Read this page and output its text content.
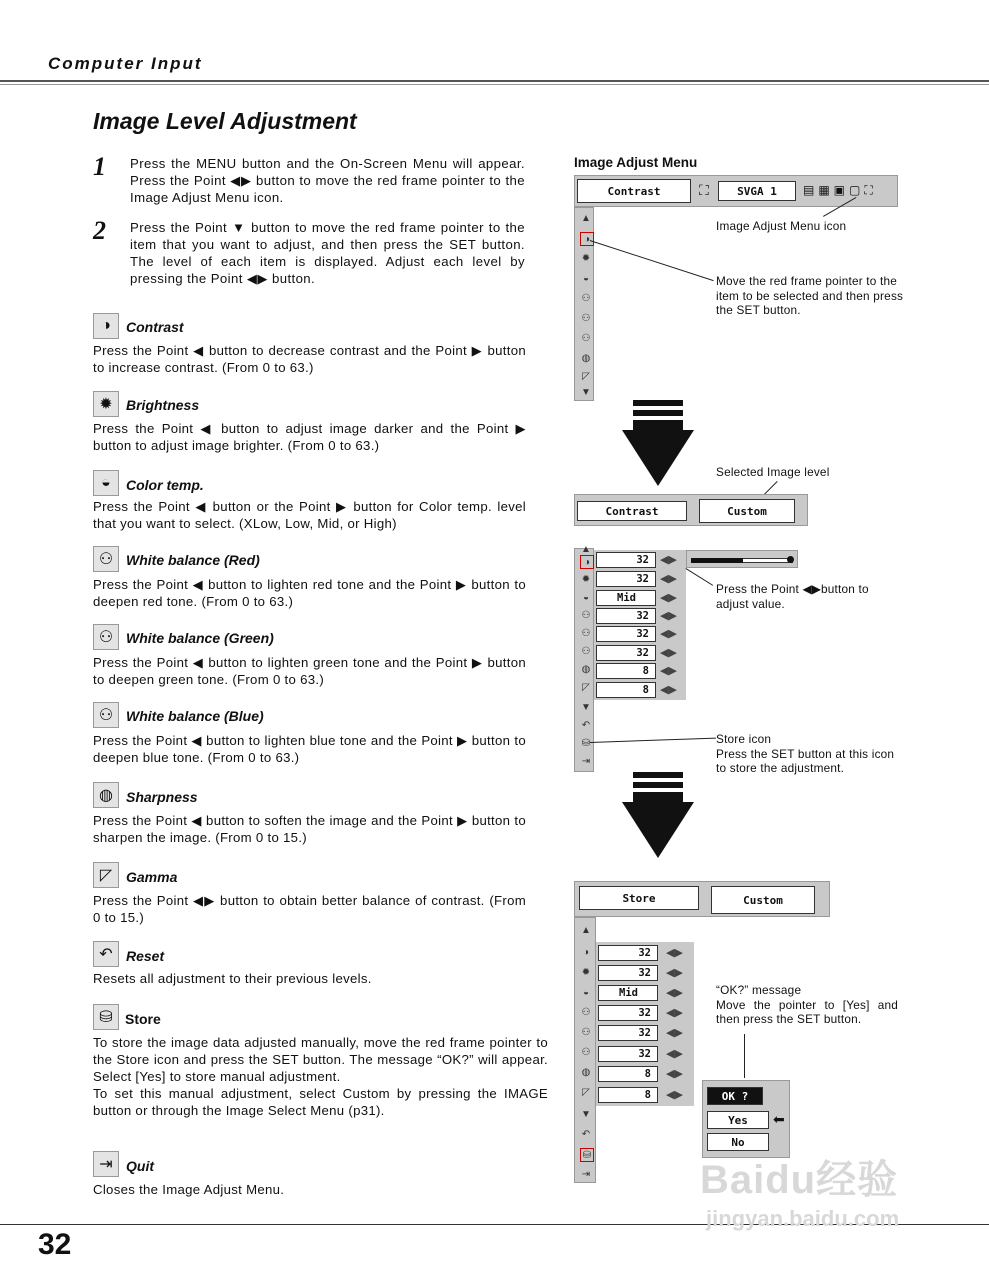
Computer Input
Image Level Adjustment
1 Press the MENU button and the On-Screen Menu will appear. Press the Point ◀▶ button to move the red frame pointer to the Image Adjust Menu icon.
2 Press the Point ▼ button to move the red frame pointer to the item that you want to adjust, and then press the SET button. The level of each item is displayed. Adjust each level by pressing the Point ◀▶ button.
◑	Contrast
Press the Point ◀ button to decrease contrast and the Point ▶ button to increase contrast. (From 0 to 63.)
✹ Brightness
Press the Point ◀ button to adjust image darker and the Point ▶ button to adjust image brighter. (From 0 to 63.)
◒	Color temp.
Press the Point ◀ button or the Point ▶ button for Color temp. level that you want to select. (XLow, Low, Mid, or High)
⚇ White balance (Red)
Press the Point ◀ button to lighten red tone and the Point ▶ button to deepen red tone. (From 0 to 63.)
⚇ White balance (Green)
Press the Point ◀ button to lighten green tone and the Point ▶ button to deepen green tone. (From 0 to 63.)
⚇ White balance (Blue)
Press the Point ◀ button to lighten blue tone and the Point ▶ button to deepen blue tone. (From 0 to 63.)
◍ Sharpness
Press the Point ◀ button to soften the image and the Point ▶ button to sharpen the image. (From 0 to 15.)
◸ Gamma
Press the Point ◀▶ button to obtain better balance of contrast. (From 0 to 15.)
↶ Reset
Resets all adjustment to their previous levels.
⛁ Store
To store the image data adjusted manually, move the red frame pointer to the Store icon and press the SET button. The message “OK?” will appear. Select [Yes] to store manual adjustment.
To set this manual adjustment, select Custom by pressing the IMAGE button or through the Image Select Menu (p31).
⇥ Quit
Closes the Image Adjust Menu.
Image Adjust Menu
Contrast	⛶	SVGA 1	▤▦▣▢⛶
▲
◑
✹
◒
⚇
⚇
⚇
◍
◸
▼
Image Adjust Menu icon
Move the red frame pointer to the item to be selected and then press the SET button.
Selected Image level
Contrast	Custom
▲
◑
✹
◒
⚇
⚇
⚇
◍
◸
▼
↶
⛁
⇥
32	◀▶
32	◀▶
Mid	◀▶
32	◀▶
32	◀▶
32	◀▶
8	◀▶
8	◀▶
Press the Point ◀▶button to adjust value.
Store icon
Press the SET button at this icon to store the adjustment.
Store	Custom
▲
◑
✹
◒
⚇
⚇
⚇
◍
◸
▼
↶
⛁
⇥
32	◀▶
32	◀▶
Mid	◀▶
32	◀▶
32	◀▶
32	◀▶
8	◀▶
8	◀▶
“OK?” message
Move the pointer to [Yes] and then press the SET button.
OK ?
Yes	⬅
No
32
Baidu经验
jingyan.baidu.com
